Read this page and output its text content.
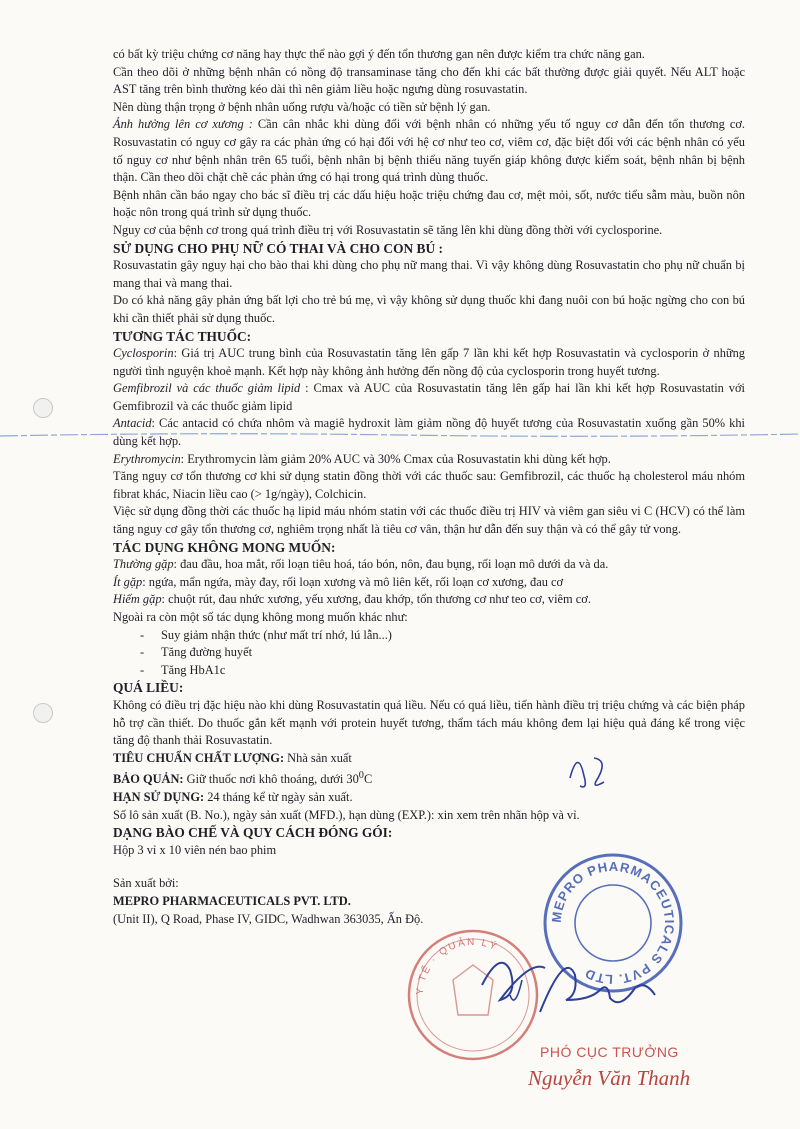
có bất kỳ triệu chứng cơ năng hay thực thể nào gợi ý đến tổn thương gan nên được kiểm tra chức năng gan.

Cần theo dõi ở những bệnh nhân có nồng độ transaminase tăng cho đến khi các bất thường được giải quyết. Nếu ALT hoặc AST tăng trên bình thường kéo dài thì nên giảm liều hoặc ngưng dùng rosuvastatin.

Nên dùng thận trọng ở bệnh nhân uống rượu và/hoặc có tiền sử bệnh lý gan.

Ảnh hưởng lên cơ xương : Cần cân nhắc khi dùng đối với bệnh nhân có những yếu tố nguy cơ dẫn đến tổn thương cơ. Rosuvastatin có nguy cơ gây ra các phản ứng có hại đối với hệ cơ như teo cơ, viêm cơ, đặc biệt đối với các bệnh nhân có yếu tố nguy cơ như bệnh nhân trên 65 tuổi, bệnh nhân bị bệnh thiểu năng tuyến giáp không được kiểm soát, bệnh nhân bị bệnh thận. Cần theo dõi chặt chẽ các phản ứng có hại trong quá trình dùng thuốc.

Bệnh nhân cần báo ngay cho bác sĩ điều trị các dấu hiệu hoặc triệu chứng đau cơ, mệt mỏi, sốt, nước tiểu sẫm màu, buồn nôn hoặc nôn trong quá trình sử dụng thuốc.

Nguy cơ của bệnh cơ trong quá trình điều trị với Rosuvastatin sẽ tăng lên khi dùng đồng thời với cyclosporine.

SỬ DỤNG CHO PHỤ NỮ CÓ THAI VÀ CHO CON BÚ :

Rosuvastatin gây nguy hại cho bào thai khi dùng cho phụ nữ mang thai. Vì vậy không dùng Rosuvastatin cho phụ nữ chuẩn bị mang thai và mang thai.

Do có khả năng gây phản ứng bất lợi cho trẻ bú mẹ, vì vậy không sử dụng thuốc khi đang nuôi con bú hoặc ngừng cho con bú khi cần thiết phải sử dụng thuốc.

TƯƠNG TÁC THUỐC:

Cyclosporin: Giá trị AUC trung bình của Rosuvastatin tăng lên gấp 7 lần khi kết hợp Rosuvastatin và cyclosporin ở những người tình nguyện khoẻ mạnh. Kết hợp này không ảnh hưởng đến nồng độ của cyclosporin trong huyết tương.

Gemfibrozil và các thuốc giảm lipid : Cmax và AUC của Rosuvastatin tăng lên gấp hai lần khi kết hợp Rosuvastatin với Gemfibrozil và các thuốc giảm lipid

Antacid: Các antacid có chứa nhôm và magiê hydroxit làm giảm nồng độ huyết tương của Rosuvastatin xuống gần 50% khi dùng kết hợp.

Erythromycin: Erythromycin làm giảm 20% AUC và 30% Cmax của Rosuvastatin khi dùng kết hợp.

Tăng nguy cơ tổn thương cơ khi sử dụng statin đồng thời với các thuốc sau: Gemfibrozil, các thuốc hạ cholesterol máu nhóm fibrat khác, Niacin liều cao (> 1g/ngày), Colchicin.

Việc sử dụng đồng thời các thuốc hạ lipid máu nhóm statin với các thuốc điều trị HIV và viêm gan siêu vi C (HCV) có thể làm tăng nguy cơ gây tổn thương cơ, nghiêm trọng nhất là tiêu cơ vân, thận hư dẫn đến suy thận và có thể gây tử vong.

TÁC DỤNG KHÔNG MONG MUỐN:

Thường gặp: đau đầu, hoa mắt, rối loạn tiêu hoá, táo bón, nôn, đau bụng, rối loạn mô dưới da và da.

Ít gặp: ngứa, mẩn ngứa, mày đay, rối loạn xương và mô liên kết, rối loạn cơ xương, đau cơ

Hiếm gặp: chuột rút, đau nhức xương, yếu xương, đau khớp, tổn thương cơ như teo cơ, viêm cơ.

Ngoài ra còn một số tác dụng không mong muốn khác như:

- Suy giảm nhận thức (như mất trí nhớ, lú lẫn...)
- Tăng đường huyết
- Tăng HbA1c

QUÁ LIỀU:

Không có điều trị đặc hiệu nào khi dùng Rosuvastatin quá liều. Nếu có quá liều, tiến hành điều trị triệu chứng và các biện pháp hỗ trợ cần thiết. Do thuốc gắn kết mạnh với protein huyết tương, thẩm tách máu không đem lại hiệu quả đáng kể trong việc tăng độ thanh thải Rosuvastatin.

TIÊU CHUẨN CHẤT LƯỢNG: Nhà sản xuất

BẢO QUẢN: Giữ thuốc nơi khô thoáng, dưới $30^0C$

HẠN SỬ DỤNG: 24 tháng kể từ ngày sản xuất.

Số lô sản xuất (B. No.), ngày sản xuất (MFD.), hạn dùng (EXP.): xin xem trên nhãn hộp và vỉ.

DẠNG BÀO CHẾ VÀ QUY CÁCH ĐÓNG GÓI:

Hộp 3 vỉ x 10 viên nén bao phim

Sản xuất bởi:

MEPRO PHARMACEUTICALS PVT. LTD.

(Unit II), Q Road, Phase IV, GIDC, Wadhwan 363035, Ấn Độ.	MEPRO PHARMACEUTICALS PVT. LTD
Y TẾ · QUẢN LÝ
PHÓ CỤC TRƯỞNG
Nguyễn Văn Thanh
